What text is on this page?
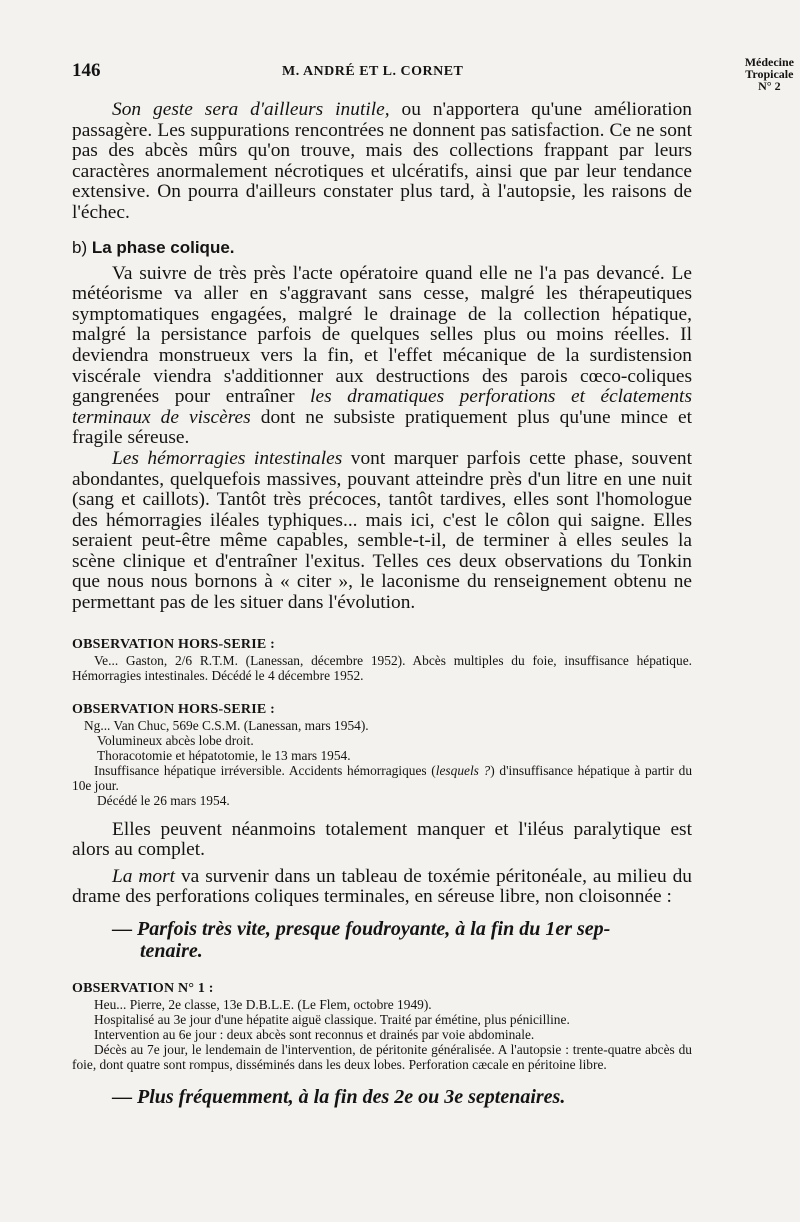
146	M. ANDRÉ ET L. CORNET
Médecine
Tropicale
N° 2

Son geste sera d'ailleurs inutile, ou n'apportera qu'une amélioration passagère. Les suppurations rencontrées ne donnent pas satisfaction. Ce ne sont pas des abcès mûrs qu'on trouve, mais des collections frappant par leurs caractères anormalement nécrotiques et ulcératifs, ainsi que par leur tendance extensive. On pourra d'ailleurs constater plus tard, à l'autopsie, les raisons de l'échec.

b) La phase colique.

Va suivre de très près l'acte opératoire quand elle ne l'a pas devancé. Le météorisme va aller en s'aggravant sans cesse, malgré les thérapeutiques symptomatiques engagées, malgré le drainage de la collection hépatique, malgré la persistance parfois de quelques selles plus ou moins réelles. Il deviendra monstrueux vers la fin, et l'effet mécanique de la surdistension viscérale viendra s'additionner aux destructions des parois cœco-coliques gangrenées pour entraîner les dramatiques perforations et éclatements terminaux de viscères dont ne subsiste pratiquement plus qu'une mince et fragile séreuse.

Les hémorragies intestinales vont marquer parfois cette phase, souvent abondantes, quelquefois massives, pouvant atteindre près d'un litre en une nuit (sang et caillots). Tantôt très précoces, tantôt tardives, elles sont l'homologue des hémorragies iléales typhiques... mais ici, c'est le côlon qui saigne. Elles seraient peut-être même capables, semble-t-il, de terminer à elles seules la scène clinique et d'entraîner l'exitus. Telles ces deux observations du Tonkin que nous nous bornons à « citer », le laconisme du renseignement obtenu ne permettant pas de les situer dans l'évolution.

OBSERVATION HORS-SERIE :

Ve... Gaston, 2/6 R.T.M. (Lanessan, décembre 1952). Abcès multiples du foie, insuffisance hépatique. Hémorragies intestinales. Décédé le 4 décembre 1952.

OBSERVATION HORS-SERIE :

Ng... Van Chuc, 569e C.S.M. (Lanessan, mars 1954).

Volumineux abcès lobe droit.

Thoracotomie et hépatotomie, le 13 mars 1954.

Insuffisance hépatique irréversible. Accidents hémorragiques (lesquels ?) d'insuffisance hépatique à partir du 10e jour.

Décédé le 26 mars 1954.

Elles peuvent néanmoins totalement manquer et l'iléus paralytique est alors au complet.

La mort va survenir dans un tableau de toxémie péritonéale, au milieu du drame des perforations coliques terminales, en séreuse libre, non cloisonnée :

— Parfois très vite, presque foudroyante, à la fin du 1er sep-
tenaire.
OBSERVATION N° 1 :

Heu... Pierre, 2e classe, 13e D.B.L.E. (Le Flem, octobre 1949).

Hospitalisé au 3e jour d'une hépatite aiguë classique. Traité par émétine, plus pénicilline.

Intervention au 6e jour : deux abcès sont reconnus et drainés par voie abdominale.

Décès au 7e jour, le lendemain de l'intervention, de péritonite généralisée. A l'autopsie : trente-quatre abcès du foie, dont quatre sont rompus, disséminés dans les deux lobes. Perforation cæcale en péritoine libre.

— Plus fréquemment, à la fin des 2e ou 3e septenaires.
